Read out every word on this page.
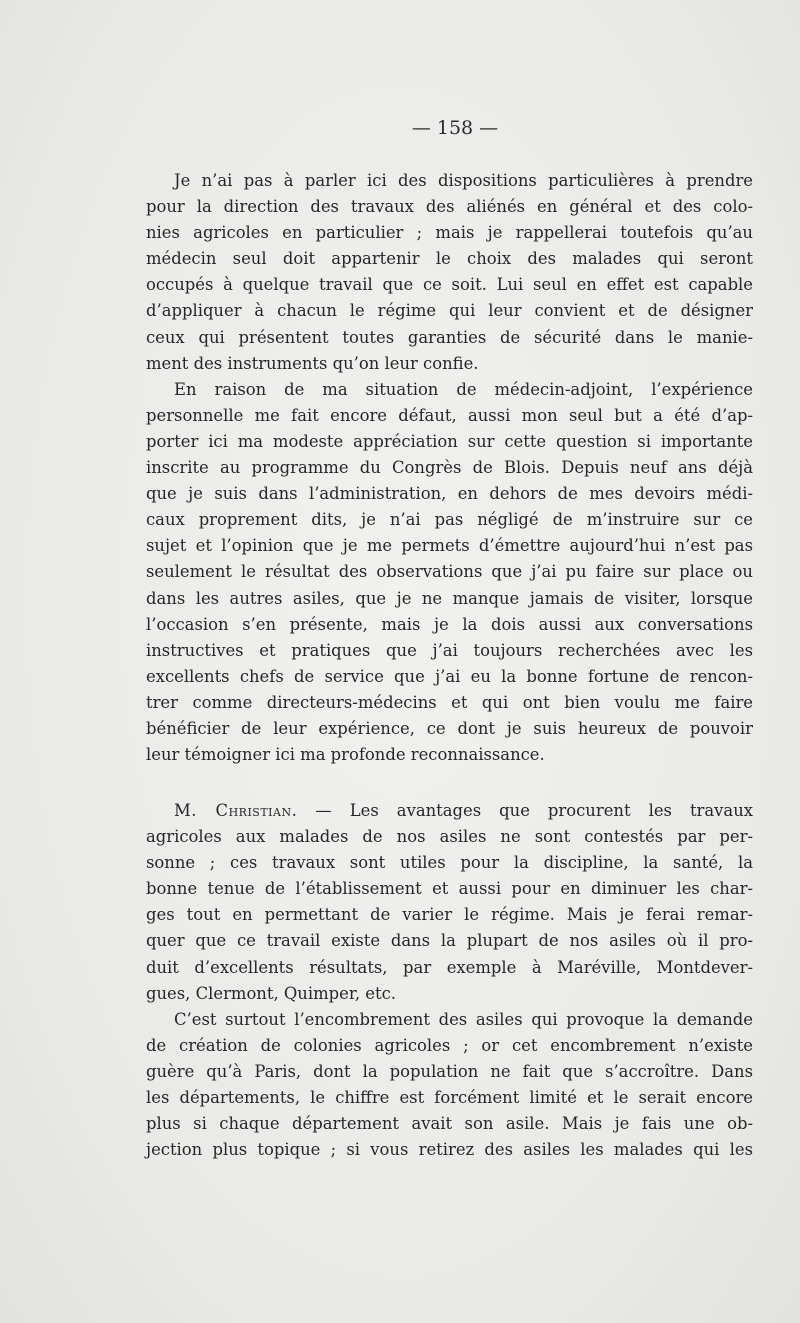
— 158 —
Je n’ai pas à parler ici des dispositions particulières à prendre
pour la direction des travaux des aliénés en général et des colo-
nies agricoles en particulier ; mais je rappellerai toutefois qu’au
médecin seul doit appartenir le choix des malades qui seront
occupés à quelque travail que ce soit. Lui seul en effet est capable
d’appliquer à chacun le régime qui leur convient et de désigner
ceux qui présentent toutes garanties de sécurité dans le manie-
ment des instruments qu’on leur confie.
En raison de ma situation de médecin-adjoint, l’expérience
personnelle me fait encore défaut, aussi mon seul but a été d’ap-
porter ici ma modeste appréciation sur cette question si importante
inscrite au programme du Congrès de Blois. Depuis neuf ans déjà
que je suis dans l’administration, en dehors de mes devoirs médi-
caux proprement dits, je n’ai pas négligé de m’instruire sur ce
sujet et l’opinion que je me permets d’émettre aujourd’hui n’est pas
seulement le résultat des observations que j’ai pu faire sur place ou
dans les autres asiles, que je ne manque jamais de visiter, lorsque
l’occasion s’en présente, mais je la dois aussi aux conversations
instructives et pratiques que j’ai toujours recherchées avec les
excellents chefs de service que j’ai eu la bonne fortune de rencon-
trer comme directeurs-médecins et qui ont bien voulu me faire
bénéficier de leur expérience, ce dont je suis heureux de pouvoir
leur témoigner ici ma profonde reconnaissance.
M. Christian. — Les avantages que procurent les travaux
agricoles aux malades de nos asiles ne sont contestés par per-
sonne ; ces travaux sont utiles pour la discipline, la santé, la
bonne tenue de l’établissement et aussi pour en diminuer les char-
ges tout en permettant de varier le régime. Mais je ferai remar-
quer que ce travail existe dans la plupart de nos asiles où il pro-
duit d’excellents résultats, par exemple à Maréville, Montdever-
gues, Clermont, Quimper, etc.
C’est surtout l’encombrement des asiles qui provoque la demande
de création de colonies agricoles ; or cet encombrement n’existe
guère qu’à Paris, dont la population ne fait que s’accroître. Dans
les départements, le chiffre est forcément limité et le serait encore
plus si chaque département avait son asile. Mais je fais une ob-
jection plus topique ; si vous retirez des asiles les malades qui les
